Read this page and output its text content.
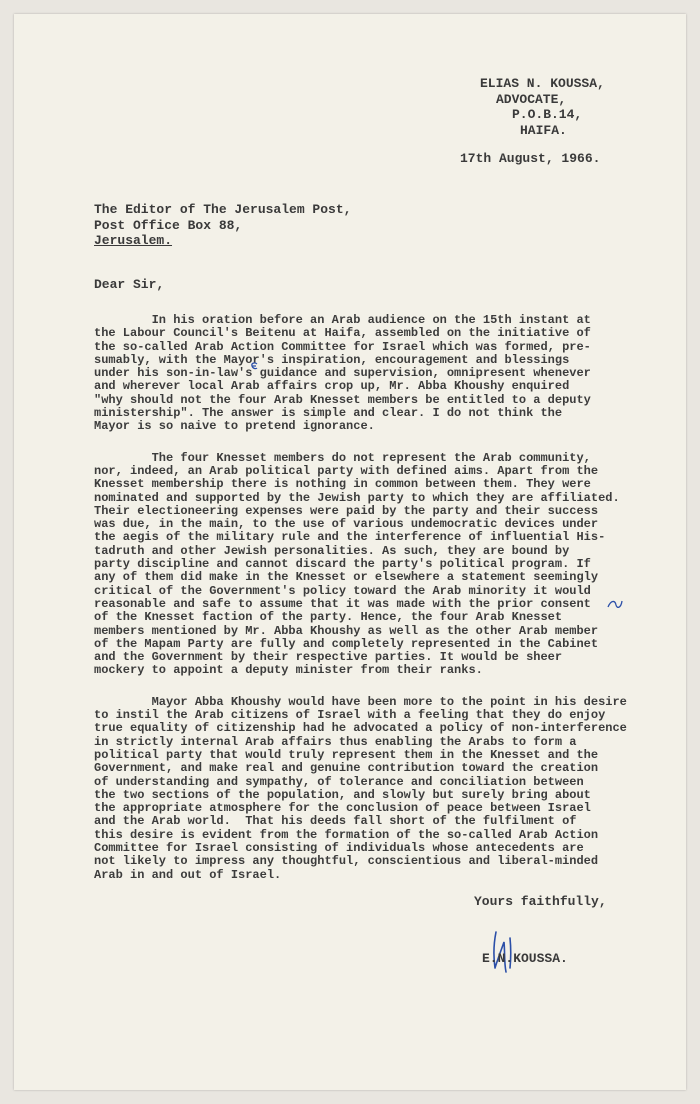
ELIAS N. KOUSSA,
ADVOCATE,
P.O.B.14,
HAIFA.
17th August, 1966.
The Editor of The Jerusalem Post,
Post Office Box 88,
Jerusalem.
Dear Sir,
In his oration before an Arab audience on the 15th instant at
the Labour Council's Beitenu at Haifa, assembled on the initiative of
the so-called Arab Action Committee for Israel which was formed, pre-
sumably, with the Mayor's inspiration, encouragement and blessings
under his son-in-law's guidance and supervision, omnipresent whenever
and wherever local Arab affairs crop up, Mr. Abba Khoushy enquired
"why should not the four Arab Knesset members be entitled to a deputy
ministership". The answer is simple and clear. I do not think the
Mayor is so naive to pretend ignorance.
The four Knesset members do not represent the Arab community,
nor, indeed, an Arab political party with defined aims. Apart from the
Knesset membership there is nothing in common between them. They were
nominated and supported by the Jewish party to which they are affiliated.
Their electioneering expenses were paid by the party and their success
was due, in the main, to the use of various undemocratic devices under
the aegis of the military rule and the interference of influential His-
tadruth and other Jewish personalities. As such, they are bound by
party discipline and cannot discard the party's political program. If
any of them did make in the Knesset or elsewhere a statement seemingly
critical of the Government's policy toward the Arab minority it would
reasonable and safe to assume that it was made with the prior consent
of the Knesset faction of the party. Hence, the four Arab Knesset
members mentioned by Mr. Abba Khoushy as well as the other Arab member
of the Mapam Party are fully and completely represented in the Cabinet
and the Government by their respective parties. It would be sheer
mockery to appoint a deputy minister from their ranks.
Mayor Abba Khoushy would have been more to the point in his desire
to instil the Arab citizens of Israel with a feeling that they do enjoy
true equality of citizenship had he advocated a policy of non-interference
in strictly internal Arab affairs thus enabling the Arabs to form a
political party that would truly represent them in the Knesset and the
Government, and make real and genuine contribution toward the creation
of understanding and sympathy, of tolerance and conciliation between
the two sections of the population, and slowly but surely bring about
the appropriate atmosphere for the conclusion of peace between Israel
and the Arab world.  That his deeds fall short of the fulfilment of
this desire is evident from the formation of the so-called Arab Action
Committee for Israel consisting of individuals whose antecedents are
not likely to impress any thoughtful, conscientious and liberal-minded
Arab in and out of Israel.
Yours faithfully,
E.N.KOUSSA.
